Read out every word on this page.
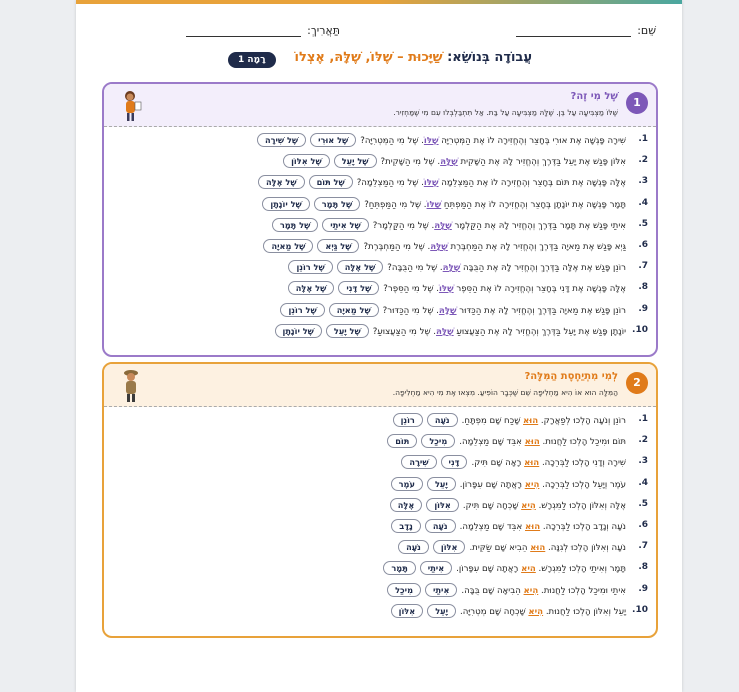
שֵׁם:
תַּאֲרִיךְ:
עֲבוֹדָה בְּנוֹשֵׂא: שַׁיָּכוּת – שֶׁלּוֹ, שֶׁלָּהּ, אֶצְלוֹ
רָמָה 1
1
שֶׁל מִי זֶה?
שֶׁלּוֹ מַצְבִּיעָה עַל בֵּן. שֶׁלָּהּ מַצְבִּיעָה עַל בַּת. אַל תִּתְבַּלְבְּלוּ עִם מִי שֶׁמַּחְזִיר.
1.
שִׁירָה פָּגְשָׁה אֶת אוּרִי בֶּחָצֵר וְהֶחֱזִירָה לוֹ אֶת הַמְּטְרִיָּה שֶׁלּוֹ. שֶׁל מִי הַמְּטְרִיָּה?שֶׁל אוּרִישֶׁל שִׁירָה
2.
אִלּוֹן פָּגַשׁ אֶת יָעֵל בַּדֶּרֶךְ וְהֶחֱזִיר לָהּ אֶת הַשָּׁקִית שֶׁלָּהּ. שֶׁל מִי הַשָּׁקִית?שֶׁל יָעֵלשֶׁל אִלּוֹן
3.
אֶלָּה פָּגְשָׁה אֶת תּוֹם בֶּחָצֵר וְהֶחֱזִירָה לוֹ אֶת הַמַּצְלֵמָה שֶׁלּוֹ. שֶׁל מִי הַמַּצְלֵמָה?שֶׁל תּוֹםשֶׁל אֶלָּה
4.
תָּמָר פָּגְשָׁה אֶת יוֹנָתָן בֶּחָצֵר וְהֶחֱזִירָה לוֹ אֶת הַמַּפְתֵּחַ שֶׁלּוֹ. שֶׁל מִי הַמַּפְתֵּחַ?שֶׁל תָּמָרשֶׁל יוֹנָתָן
5.
אִיתַי פָּגַשׁ אֶת תָּמָר בַּדֶּרֶךְ וְהֶחֱזִיר לָהּ אֶת הַקַּלְמָר שֶׁלָּהּ. שֶׁל מִי הַקַּלְמָר?שֶׁל אִיתַישֶׁל תָּמָר
6.
גַּיְא פָּגַשׁ אֶת מַאיָה בַּדֶּרֶךְ וְהֶחֱזִיר לָהּ אֶת הַמַּחְבֶּרֶת שֶׁלָּהּ. שֶׁל מִי הַמַּחְבֶּרֶת?שֶׁל גַּיְאשֶׁל מַאיָה
7.
רוֹנֵן פָּגַשׁ אֶת אֶלָּה בַּדֶּרֶךְ וְהֶחֱזִיר לָהּ אֶת הַבֻּבָּה שֶׁלָּהּ. שֶׁל מִי הַבֻּבָּה?שֶׁל אֶלָּהשֶׁל רוֹנֵן
8.
אֶלָּה פָּגְשָׁה אֶת דָּנִי בֶּחָצֵר וְהֶחֱזִירָה לוֹ אֶת הַסֵּפֶר שֶׁלּוֹ. שֶׁל מִי הַסֵּפֶר?שֶׁל דָּנִישֶׁל אֶלָּה
9.
רוֹנֵן פָּגַשׁ אֶת מַאיָה בַּדֶּרֶךְ וְהֶחֱזִיר לָהּ אֶת הַכַּדּוּר שֶׁלָּהּ. שֶׁל מִי הַכַּדּוּר?שֶׁל מַאיָהשֶׁל רוֹנֵן
10.
יוֹנָתָן פָּגַשׁ אֶת יָעֵל בַּדֶּרֶךְ וְהֶחֱזִיר לָהּ אֶת הַצַּעֲצוּעַ שֶׁלָּהּ. שֶׁל מִי הַצַּעֲצוּעַ?שֶׁל יָעֵלשֶׁל יוֹנָתָן
2
לְמִי מִתְיַחֶסֶת הַמִּלָּה?
הַמִּלָּה הוּא אוֹ הִיא מַחְלִיפָה שֵׁם שֶׁכְּבָר הוֹפִיעַ. מִצְאוּ אֶת מִי הִיא מַחְלִיפָה.
1.
רוֹנֵן וְנֹעָה הָלְכוּ לְפַאֲרָק. הוּא שָׁכַח שָׁם מִפְתָּחַ.נֹעָהרוֹנֵן
2.
תּוֹם וּמִיכַל הָלְכוּ לַחֲנוּת. הוּא אִבֵּד שָׁם מַצְלֵמָה.מִיכַלתּוֹם
3.
שִׁירָה וְדָנִי הָלְכוּ לַבְּרֵכָה. הוּא רָאָה שָׁם תִּיק.דָּנִישִׁירָה
4.
עֹמֶר וְיָעֵל הָלְכוּ לַבְּרֵכָה. הִיא רָאֲתָה שָׁם עִפָּרוֹן.יָעֵלעֹמֶר
5.
אֶלָּה וְאִלּוֹן הָלְכוּ לַמִּגְרָשׁ. הִיא שָׁכְחָה שָׁם תִּיק.אִלּוֹןאֶלָּה
6.
נֹעָה וְנָדָב הָלְכוּ לַבְּרֵכָה. הוּא אִבֵּד שָׁם מַצְלֵמָה.נֹעָהנָדָב
7.
נֹעָה וְאִלּוֹן הָלְכוּ לְגִנָּה. הוּא הֵבִיא שָׁם שַׂקִּית.אִלּוֹןנֹעָה
8.
תָּמָר וְאִיתַי הָלְכוּ לַמִּגְרָשׁ. הִיא רָאֲתָה שָׁם עִפָּרוֹן.אִיתַיתָּמָר
9.
אִיתַי וּמִיכַל הָלְכוּ לַחֲנוּת. הִיא הֵבִיאָה שָׁם בֻּבָּה.אִיתַימִיכַל
10.
יָעֵל וְאִלּוֹן הָלְכוּ לַחֲנוּת. הִיא שָׁכְחָה שָׁם מְטְרִיָּה.יָעֵלאִלּוֹן
